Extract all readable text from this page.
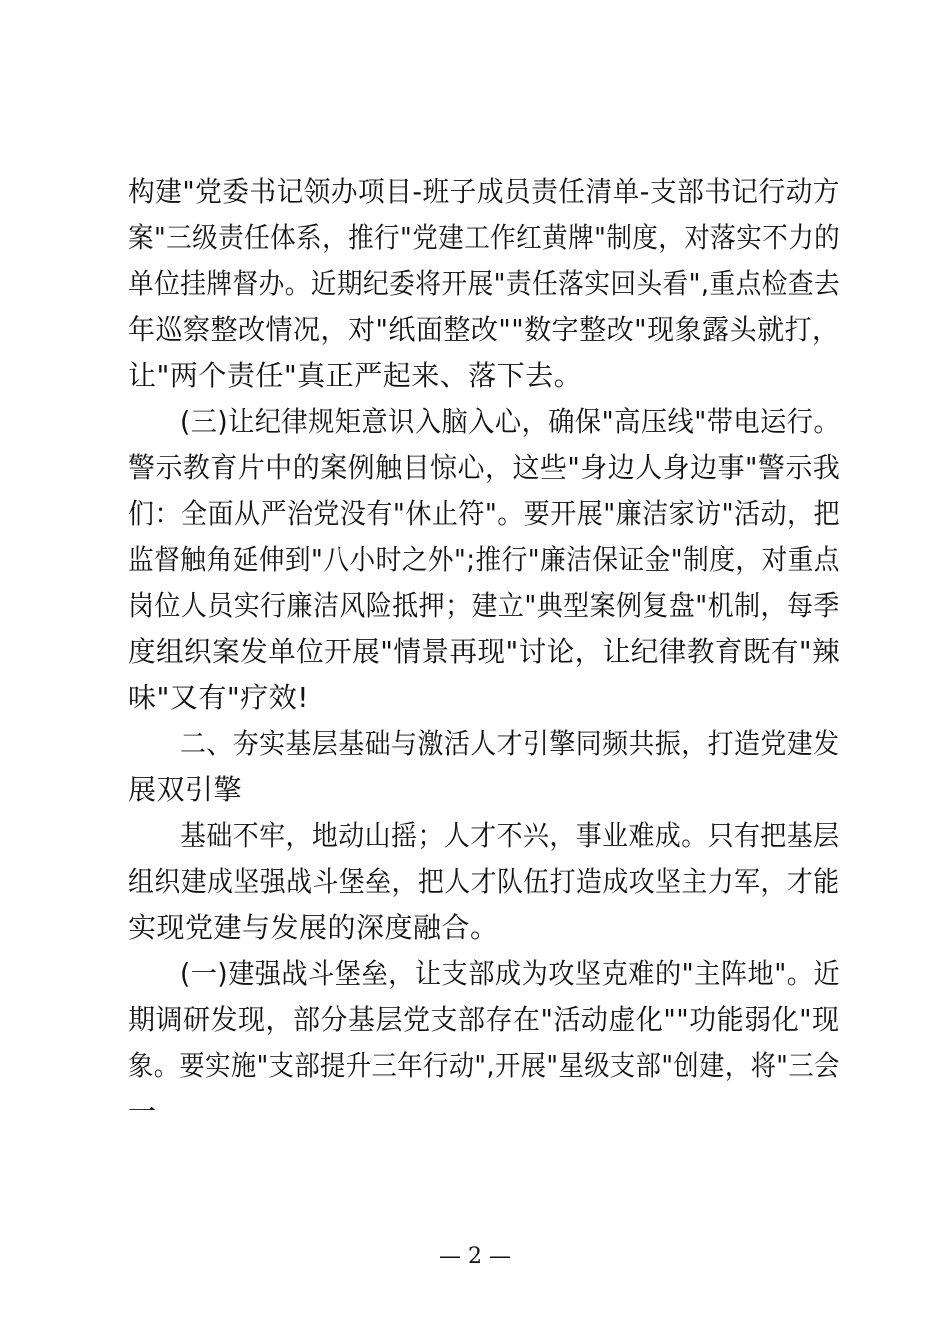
构建"党委书记领办项目-班子成员责任清单-支部书记行动方
案"三级责任体系，推行"党建工作红黄牌"制度，对落实不力的
单位挂牌督办。近期纪委将开展"责任落实回头看",重点检查去
年巡察整改情况，对"纸面整改""数字整改"现象露头就打，
让"两个责任"真正严起来、落下去。
(三)让纪律规矩意识入脑入心，确保"高压线"带电运行。
警示教育片中的案例触目惊心，这些"身边人身边事"警示我
们：全面从严治党没有"休止符"。要开展"廉洁家访"活动，把
监督触角延伸到"八小时之外";推行"廉洁保证金"制度，对重点
岗位人员实行廉洁风险抵押；建立"典型案例复盘"机制，每季
度组织案发单位开展"情景再现"讨论，让纪律教育既有"辣
味"又有"疗效!
二、夯实基层基础与激活人才引擎同频共振，打造党建发
展双引擎
基础不牢，地动山摇；人才不兴，事业难成。只有把基层
组织建成坚强战斗堡垒，把人才队伍打造成攻坚主力军，才能
实现党建与发展的深度融合。
(一)建强战斗堡垒，让支部成为攻坚克难的"主阵地"。近
期调研发现，部分基层党支部存在"活动虚化""功能弱化"现
象。要实施"支部提升三年行动",开展"星级支部"创建，将"三会
一
— 2 —
